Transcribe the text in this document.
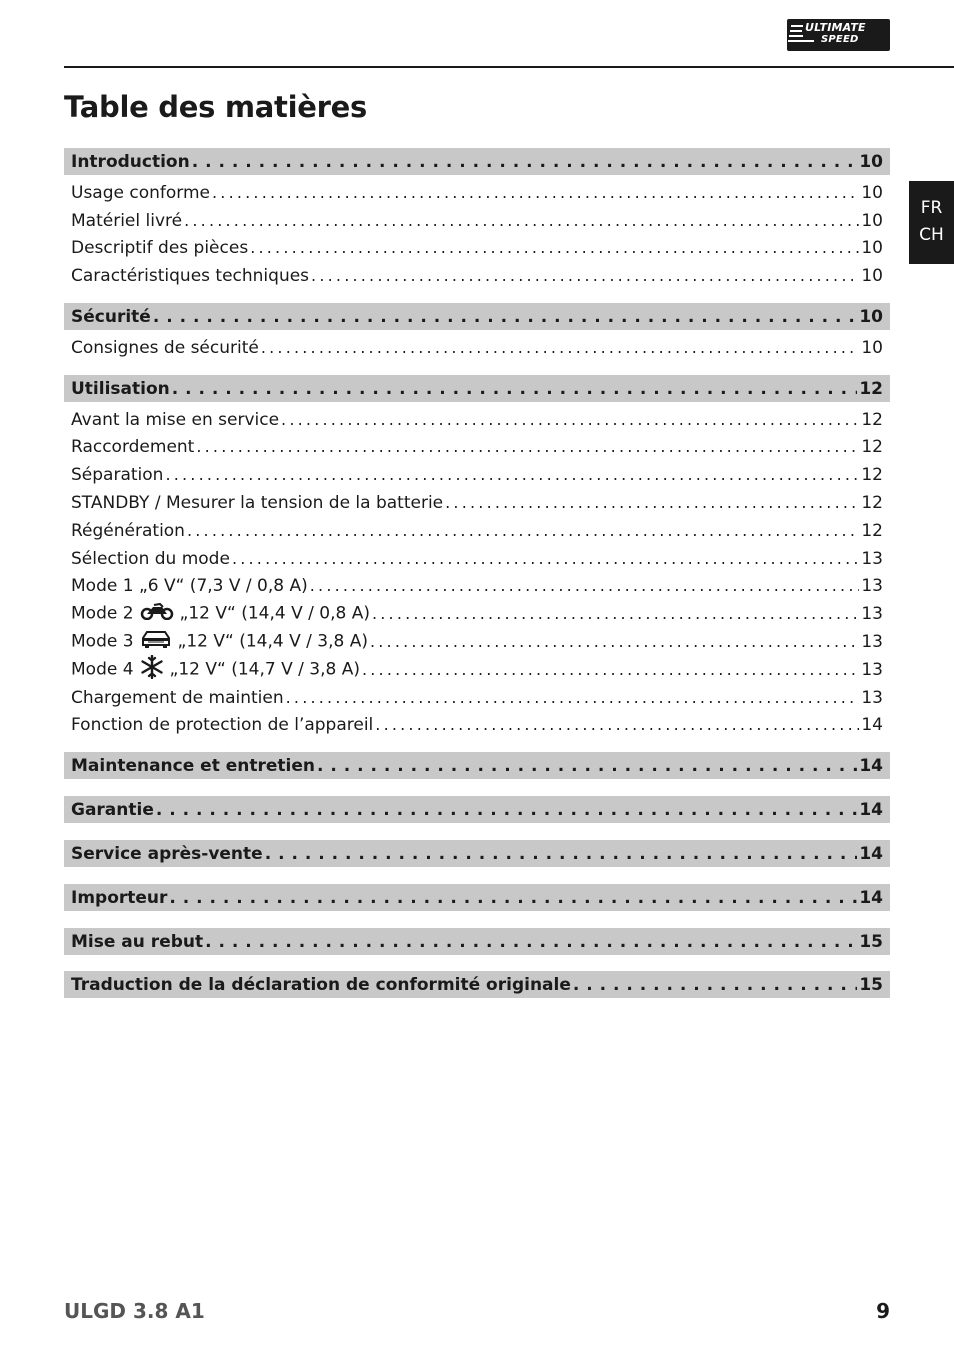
ULTIMATE
SPEED
Table des matières
FR
CH
Introduction . . .	10
Usage conforme .....	10
Matériel livré .....	10
Descriptif des pièces .....	10
Caractéristiques techniques .....	10
Sécurité . . .	10
Consignes de sécurité .....	10
Utilisation . . .	12
Avant la mise en service .....	12
Raccordement .....	12
Séparation .....	12
STANDBY / Mesurer la tension de la batterie .....	12
Régénération .....	12
Sélection du mode .....	13
Mode 1 „6 V“ (7,3 V / 0,8 A) .....	13
Mode 2	„12 V“ (14,4 V / 0,8 A) .....	13
Mode 3	„12 V“ (14,4 V / 3,8 A) .....	13
Mode 4 „12 V“ (14,7 V / 3,8 A) .....	13
Chargement de maintien .....	13
Fonction de protection de l’appareil .....	14
Maintenance et entretien . . .	14
Garantie . . .	14
Service après-vente . . .	14
Importeur . . .	14
Mise au rebut . . .	15
Traduction de la déclaration de conformité originale . . .	15
ULGD 3.8 A1	9
